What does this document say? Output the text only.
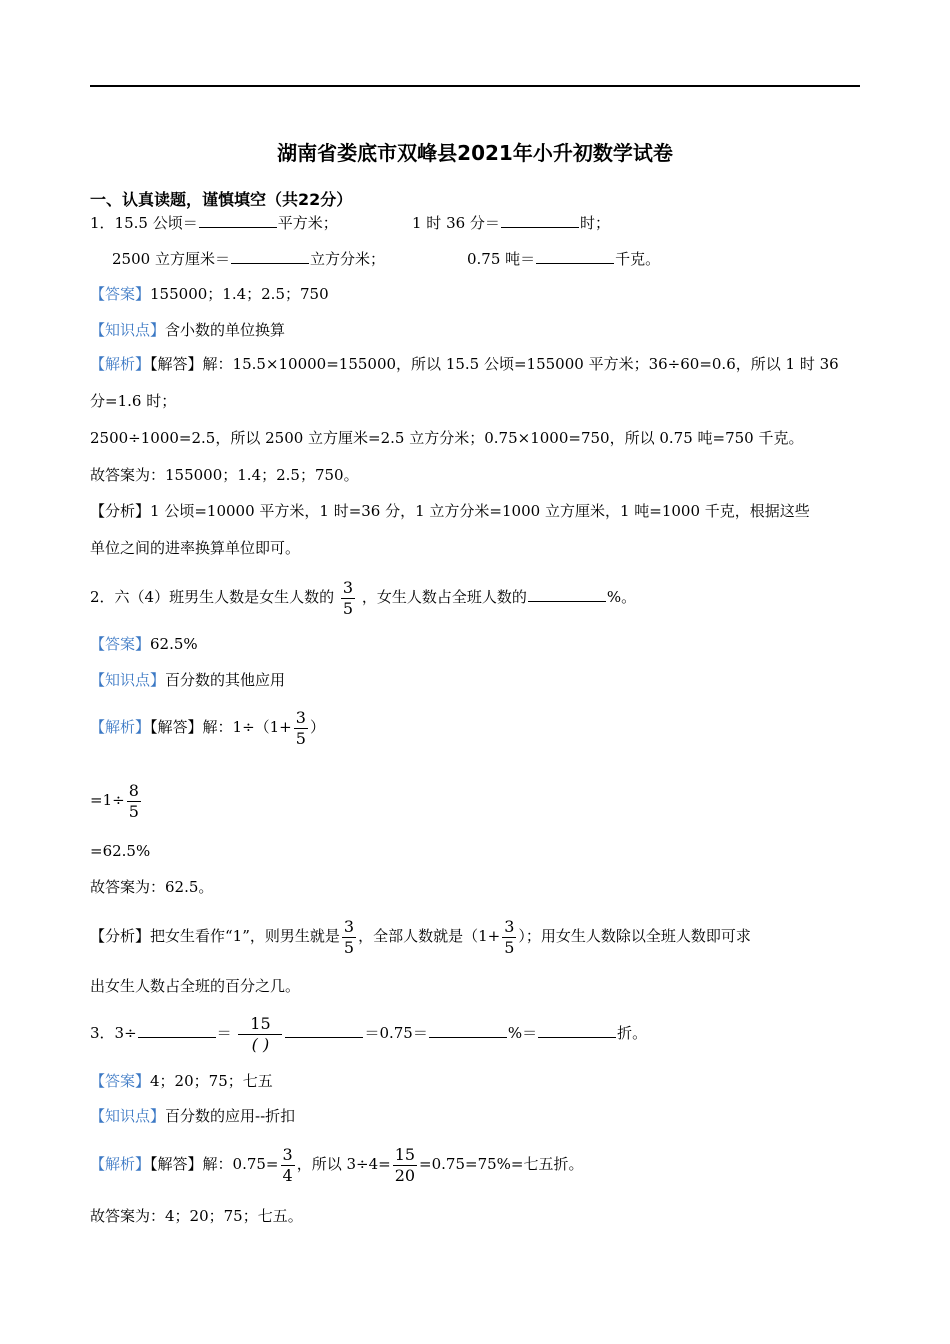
湖南省娄底市双峰县2021年小升初数学试卷
一、认真读题，谨慎填空（共22分）
1．15.5 公顷＝	平方米；	1 时 36 分＝	时；
2500 立方厘米＝	立方分米；	0.75 吨＝	千克。
【答案】155000；1.4；2.5；750
【知识点】含小数的单位换算
【解析】【解答】解：15.5×10000=155000，所以 15.5 公顷=155000 平方米；36÷60=0.6，所以 1 时 36
分=1.6 时；
2500÷1000=2.5，所以 2500 立方厘米=2.5 立方分米；0.75×1000=750，所以 0.75 吨=750 千克。
故答案为：155000；1.4；2.5；750。
【分析】1 公顷=10000 平方米，1 时=36 分，1 立方分米=1000 立方厘米，1 吨=1000 千克，根据这些
单位之间的进率换算单位即可。
2．六（4）班男生人数是女生人数的 $\frac{3}{5}$ ，女生人数占全班人数的	%。
【答案】62.5%
【知识点】百分数的其他应用
【解析】【解答】解：$1\div(1+ \frac{3}{5}$ ）
$=1\div \frac{8}{5}$
=62.5%
故答案为：62.5。
【分析】把女生看作“1”，则男生就是 $\frac{3}{5}$ ，全部人数就是（$1+ \frac{3}{5}$ ）；用女生人数除以全班人数即可求
出女生人数占全班的百分之几。
3．3÷	＝ $\frac{15}{( )}$	＝0.75＝	%＝	折。
【答案】4；20；75；七五
【知识点】百分数的应用--折扣
【解析】【解答】解：$0.75= \frac{3}{4}$ ，所以 $3\div 4= \frac{15}{20} =0.75=75\%=$七五折。
故答案为：4；20；75；七五。
